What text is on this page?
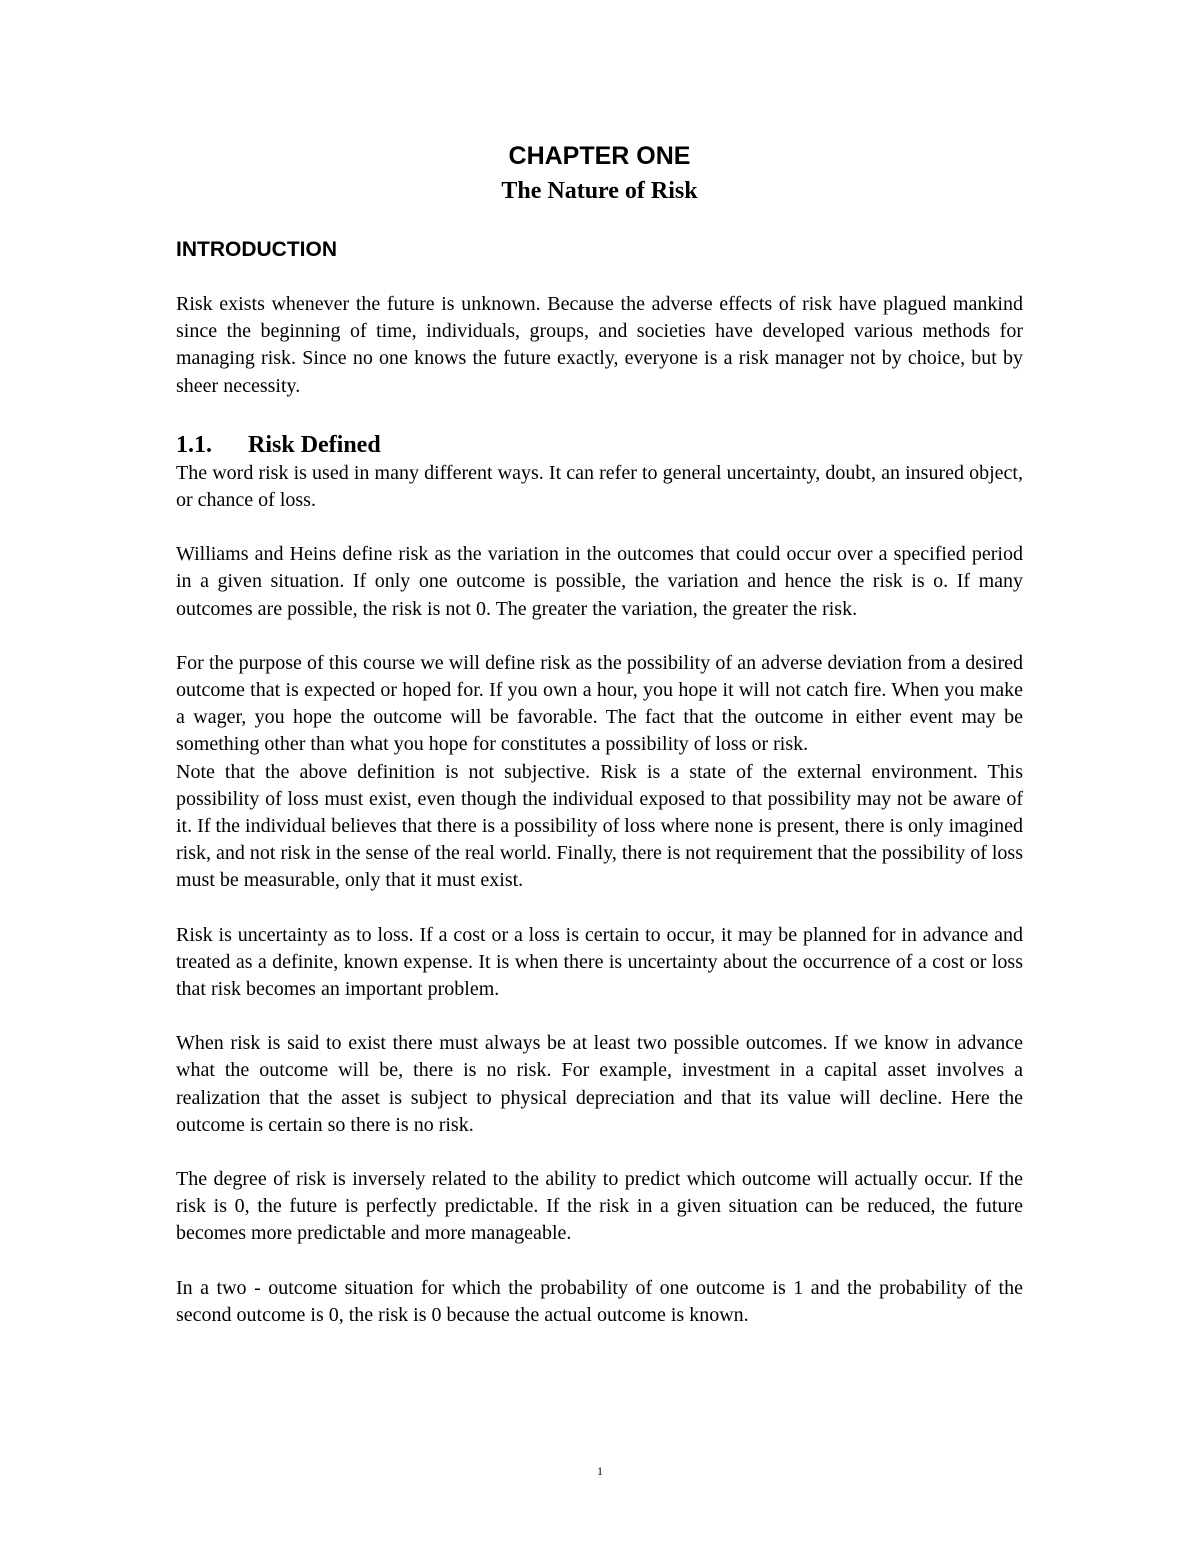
CHAPTER ONE
The Nature of Risk
INTRODUCTION

Risk exists whenever the future is unknown. Because the adverse effects of risk have plagued mankind since the beginning of time, individuals, groups, and societies have developed various methods for managing risk. Since no one knows the future exactly, everyone is a risk manager not by choice, but by sheer necessity.

1.1.	Risk Defined

The word risk is used in many different ways. It can refer to general uncertainty, doubt, an insured object, or chance of loss.

Williams and Heins define risk as the variation in the outcomes that could occur over a specified period in a given situation. If only one outcome is possible, the variation and hence the risk is o. If many outcomes are possible, the risk is not 0. The greater the variation, the greater the risk.

For the purpose of this course we will define risk as the possibility of an adverse deviation from a desired outcome that is expected or hoped for. If you own a hour, you hope it will not catch fire. When you make a wager, you hope the outcome will be favorable. The fact that the outcome in either event may be something other than what you hope for constitutes a possibility of loss or risk.

Note that the above definition is not subjective. Risk is a state of the external environment. This possibility of loss must exist, even though the individual exposed to that possibility may not be aware of it. If the individual believes that there is a possibility of loss where none is present, there is only imagined risk, and not risk in the sense of the real world. Finally, there is not requirement that the possibility of loss must be measurable, only that it must exist.

Risk is uncertainty as to loss. If a cost or a loss is certain to occur, it may be planned for in advance and treated as a definite, known expense. It is when there is uncertainty about the occurrence of a cost or loss that risk becomes an important problem.

When risk is said to exist there must always be at least two possible outcomes. If we know in advance what the outcome will be, there is no risk. For example, investment in a capital asset involves a realization that the asset is subject to physical depreciation and that its value will decline. Here the outcome is certain so there is no risk.

The degree of risk is inversely related to the ability to predict which outcome will actually occur. If the risk is 0, the future is perfectly predictable. If the risk in a given situation can be reduced, the future becomes more predictable and more manageable.

In a two - outcome situation for which the probability of one outcome is 1 and the probability of the second outcome is 0, the risk is 0 because the actual outcome is known.

1
